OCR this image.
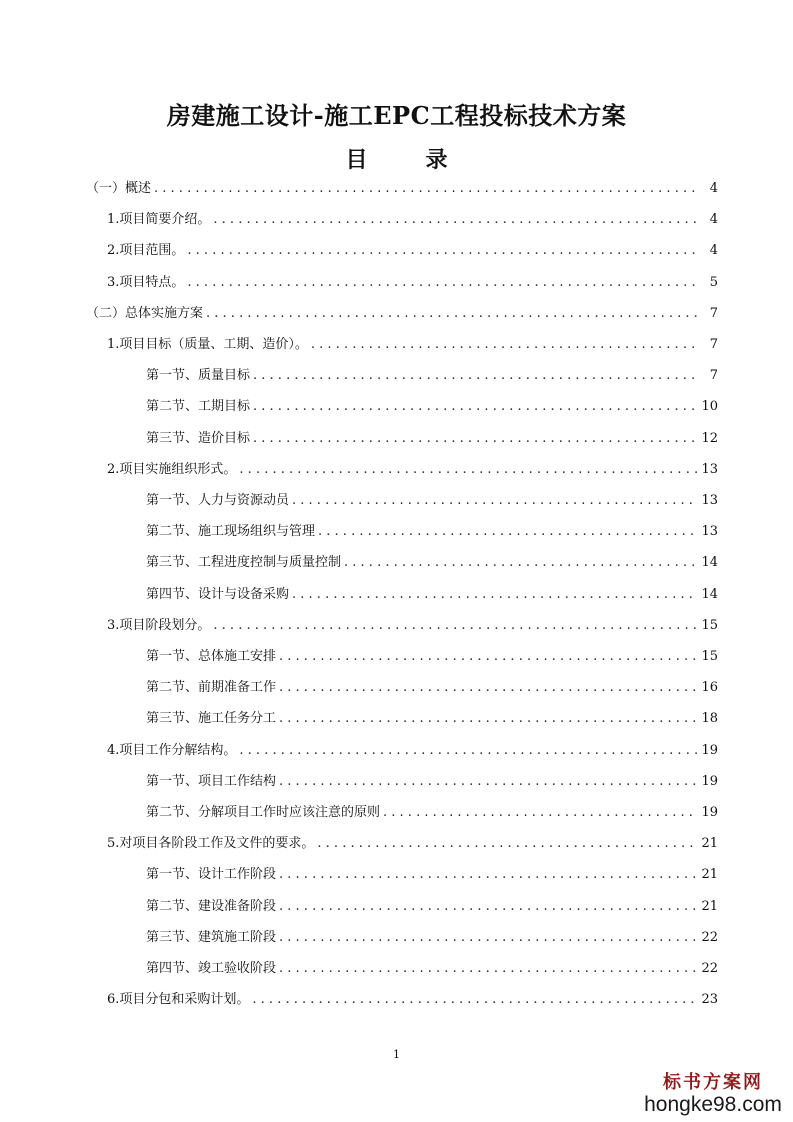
房建施工设计-施工EPC工程投标技术方案
目　录
（一）概述 . . .	4
1.项目简要介绍。 . . .	4
2.项目范围。 . . .	4
3.项目特点。 . . .	5
（二）总体实施方案 . . .	7
1.项目目标（质量、工期、造价）。 . . .	7
第一节、质量目标 . . .	7
第二节、工期目标 . . .	10
第三节、造价目标 . . .	12
2.项目实施组织形式。 . . .	13
第一节、人力与资源动员 . . .	13
第二节、施工现场组织与管理 . . .	13
第三节、工程进度控制与质量控制 . . .	14
第四节、设计与设备采购 . . .	14
3.项目阶段划分。 . . .	15
第一节、总体施工安排 . . .	15
第二节、前期准备工作 . . .	16
第三节、施工任务分工 . . .	18
4.项目工作分解结构。 . . .	19
第一节、项目工作结构 . . .	19
第二节、分解项目工作时应该注意的原则 . . .	19
5.对项目各阶段工作及文件的要求。 . . .	21
第一节、设计工作阶段 . . .	21
第二节、建设准备阶段 . . .	21
第三节、建筑施工阶段 . . .	22
第四节、竣工验收阶段 . . .	22
6.项目分包和采购计划。 . . .	23
1
标书方案网
hongke98.com
